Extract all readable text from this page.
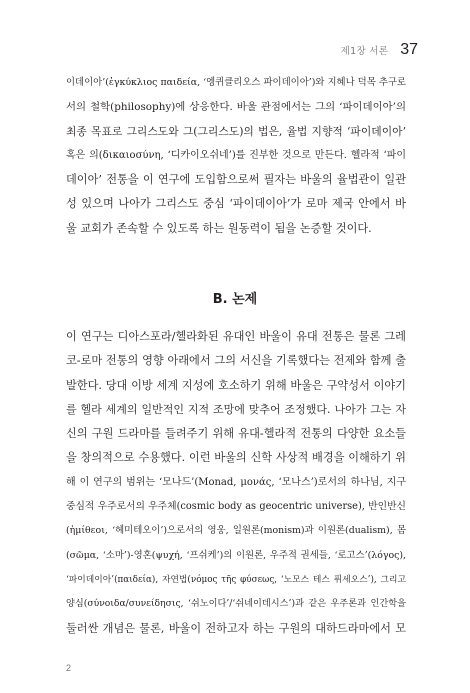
제1장 서론 37
이데이아’(ἐγκύκλιος παιδεία, ‘엥퀴클리오스 파이데이아’)와 지혜나 덕목 추구로
서의 철학(philosophy)에 상응한다. 바울 관점에서는 그의 ‘파이데이아’의
최종 목표로 그리스도와 그(그리스도)의 법은, 율법 지향적 ‘파이데이아’
혹은 의(δικαιοσύνη, ‘디카이오쉬네’)를 진부한 것으로 만든다. 헬라적 ‘파이
데이아’ 전통을 이 연구에 도입함으로써 필자는 바울의 율법관이 일관
성 있으며 나아가 그리스도 중심 ‘파이데이아’가 로마 제국 안에서 바
울 교회가 존속할 수 있도록 하는 원동력이 됨을 논증할 것이다.
B. 논제
이 연구는 디아스포라/헬라화된 유대인 바울이 유대 전통은 물론 그레
코-로마 전통의 영향 아래에서 그의 서신을 기록했다는 전제와 함께 출
발한다. 당대 이방 세계 지성에 호소하기 위해 바울은 구약성서 이야기
를 헬라 세계의 일반적인 지적 조망에 맞추어 조정했다. 나아가 그는 자
신의 구원 드라마를 들려주기 위해 유대-헬라적 전통의 다양한 요소들
을 창의적으로 수용했다. 이런 바울의 신학 사상적 배경을 이해하기 위
해 이 연구의 범위는 ‘모나드’(Monad, μονάς, ‘모나스’)로서의 하나님, 지구
중심적 우주로서의 우주체(cosmic body as geocentric universe), 반인반신
(ἡμίθεοι, ‘헤미테오이’)으로서의 영웅, 일원론(monism)과 이원론(dualism), 몸
(σῶμα, ‘소마’)-영혼(ψυχή, ‘프쉬케’)의 이원론, 우주적 권세들, ‘로고스’(λόγος),
‘파이데이아’(παιδεία), 자연법(νόμος τῆς φύσεως, ‘노모스 테스 퓌세오스’), 그리고
양심(σύνοιδα/συνείδησις, ‘쉬노이다’/‘쉬네이데시스’)과 같은 우주론과 인간학을
둘러싼 개념은 물론, 바울이 전하고자 하는 구원의 대하드라마에서 모
2
